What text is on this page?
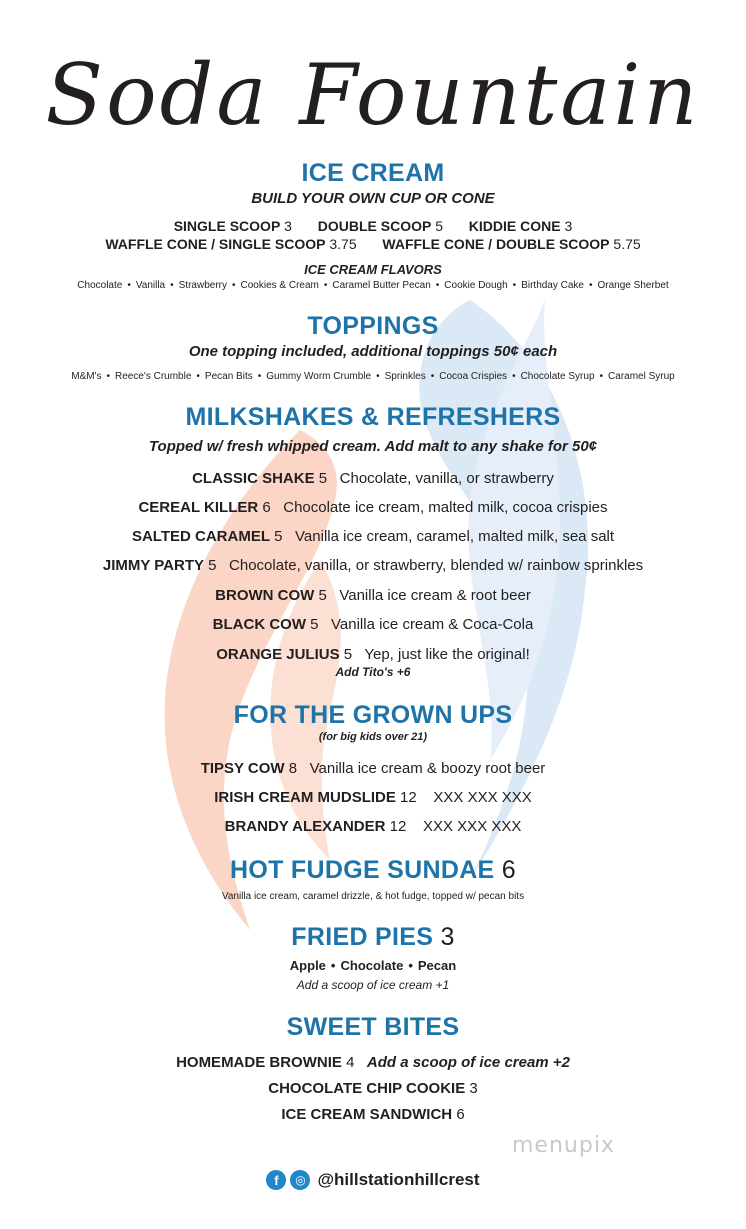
Soda Fountain
ICE CREAM
BUILD YOUR OWN CUP OR CONE
SINGLE SCOOP 3 DOUBLE SCOOP 5 KIDDIE CONE 3
WAFFLE CONE / SINGLE SCOOP 3.75 WAFFLE CONE / DOUBLE SCOOP 5.75
ICE CREAM FLAVORS
Chocolate • Vanilla • Strawberry • Cookies & Cream • Caramel Butter Pecan • Cookie Dough • Birthday Cake • Orange Sherbet
TOPPINGS
One topping included, additional toppings 50¢ each
M&M's • Reece's Crumble • Pecan Bits • Gummy Worm Crumble • Sprinkles • Cocoa Crispies • Chocolate Syrup • Caramel Syrup
MILKSHAKES & REFRESHERS
Topped w/ fresh whipped cream. Add malt to any shake for 50¢
CLASSIC SHAKE 5 Chocolate, vanilla, or strawberry
CEREAL KILLER 6 Chocolate ice cream, malted milk, cocoa crispies
SALTED CARAMEL 5 Vanilla ice cream, caramel, malted milk, sea salt
JIMMY PARTY 5 Chocolate, vanilla, or strawberry, blended w/ rainbow sprinkles
BROWN COW 5 Vanilla ice cream & root beer
BLACK COW 5 Vanilla ice cream & Coca-Cola
ORANGE JULIUS 5 Yep, just like the original!
Add Tito's +6
FOR THE GROWN UPS
(for big kids over 21)
TIPSY COW 8 Vanilla ice cream & boozy root beer
IRISH CREAM MUDSLIDE 12 XXX XXX XXX
BRANDY ALEXANDER 12 XXX XXX XXX
HOT FUDGE SUNDAE 6
Vanilla ice cream, caramel drizzle, & hot fudge, topped w/ pecan bits
FRIED PIES 3
Apple • Chocolate • Pecan
Add a scoop of ice cream +1
SWEET BITES
HOMEMADE BROWNIE 4 Add a scoop of ice cream +2
CHOCOLATE CHIP COOKIE 3
ICE CREAM SANDWICH 6
menupix
f	◎ @hillstationhillcrest
